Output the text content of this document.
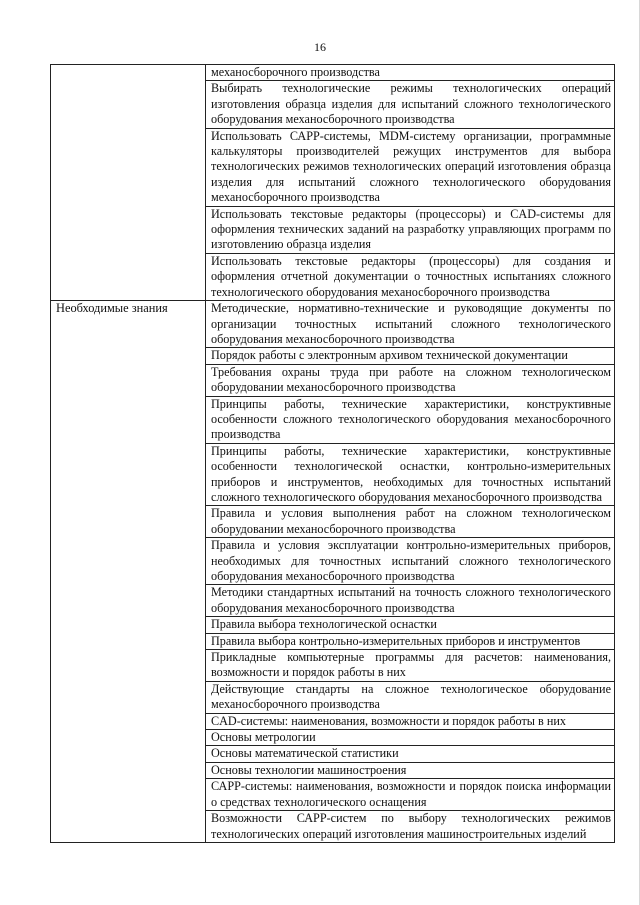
16
	механосборочного производства
	Выбирать технологические режимы технологических операций изготовления образца изделия для испытаний сложного технологического оборудования механосборочного производства
	Использовать САРР-системы, MDM-систему организации, программные калькуляторы производителей режущих инструментов для выбора технологических режимов технологических операций изготовления образца изделия для испытаний сложного технологического оборудования механосборочного производства
	Использовать текстовые редакторы (процессоры) и CAD-системы для оформления технических заданий на разработку управляющих программ по изготовлению образца изделия
	Использовать текстовые редакторы (процессоры) для создания и оформления отчетной документации о точностных испытаниях сложного технологического оборудования механосборочного производства

Необходимые знания	Методические, нормативно-технические и руководящие документы по организации точностных испытаний сложного технологического оборудования механосборочного производства
	Порядок работы с электронным архивом технической документации
	Требования охраны труда при работе на сложном технологическом оборудовании механосборочного производства
	Принципы работы, технические характеристики, конструктивные особенности сложного технологического оборудования механосборочного производства
	Принципы работы, технические характеристики, конструктивные особенности технологической оснастки, контрольно-измерительных приборов и инструментов, необходимых для точностных испытаний сложного технологического оборудования механосборочного производства
	Правила и условия выполнения работ на сложном технологическом оборудовании механосборочного производства
	Правила и условия эксплуатации контрольно-измерительных приборов, необходимых для точностных испытаний сложного технологического оборудования механосборочного производства
	Методики стандартных испытаний на точность сложного технологического оборудования механосборочного производства
	Правила выбора технологической оснастки
	Правила выбора контрольно-измерительных приборов и инструментов
	Прикладные компьютерные программы для расчетов: наименования, возможности и порядок работы в них
	Действующие стандарты на сложное технологическое оборудование механосборочного производства
	CAD-системы: наименования, возможности и порядок работы в них
	Основы метрологии
	Основы математической статистики
	Основы технологии машиностроения
	САРР-системы: наименования, возможности и порядок поиска информации о средствах технологического оснащения
	Возможности САРР-систем по выбору технологических режимов технологических операций изготовления машиностроительных изделий
